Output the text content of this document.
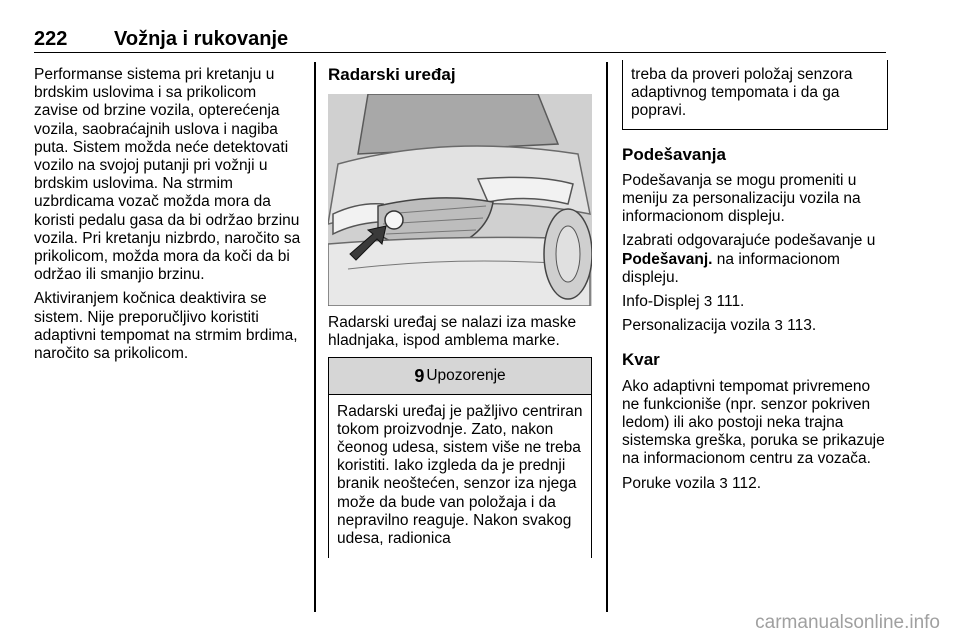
222 Vožnja i rukovanje

Performanse sistema pri kretanju u brdskim uslovima i sa prikolicom zavise od brzine vozila, opterećenja vozila, saobraćajnih uslova i nagiba puta. Sistem možda neće detektovati vozilo na svojoj putanji pri vožnji u brdskim uslovima. Na strmim uzbrdicama vozač možda mora da koristi pedalu gasa da bi održao brzinu vozila. Pri kretanju nizbrdo, naročito sa prikolicom, možda mora da koči da bi održao ili smanjio brzinu.

Aktiviranjem kočnica deaktivira se sistem. Nije preporučljivo koristiti adaptivni tempomat na strmim brdima, naročito sa prikolicom.

Radarski uređaj

Radarski uređaj se nalazi iza maske hladnjaka, ispod amblema marke.

9 Upozorenje
Radarski uređaj je pažljivo centriran tokom proizvodnje. Zato, nakon čeonog udesa, sistem više ne treba koristiti. Iako izgleda da je prednji branik neoštećen, senzor iza njega može da bude van položaja i da nepravilno reaguje. Nakon svakog udesa, radionica
treba da proveri položaj senzora adaptivnog tempomata i da ga popravi.
Podešavanja

Podešavanja se mogu promeniti u meniju za personalizaciju vozila na informacionom displeju.

Izabrati odgovarajuće podešavanje u Podešavanj. na informacionom displeju.

Info-Displej 3 111.

Personalizacija vozila 3 113.

Kvar

Ako adaptivni tempomat privremeno ne funkcioniše (npr. senzor pokriven ledom) ili ako postoji neka trajna sistemska greška, poruka se prikazuje na informacionom centru za vozača.

Poruke vozila 3 112.

carmanualsonline.info
